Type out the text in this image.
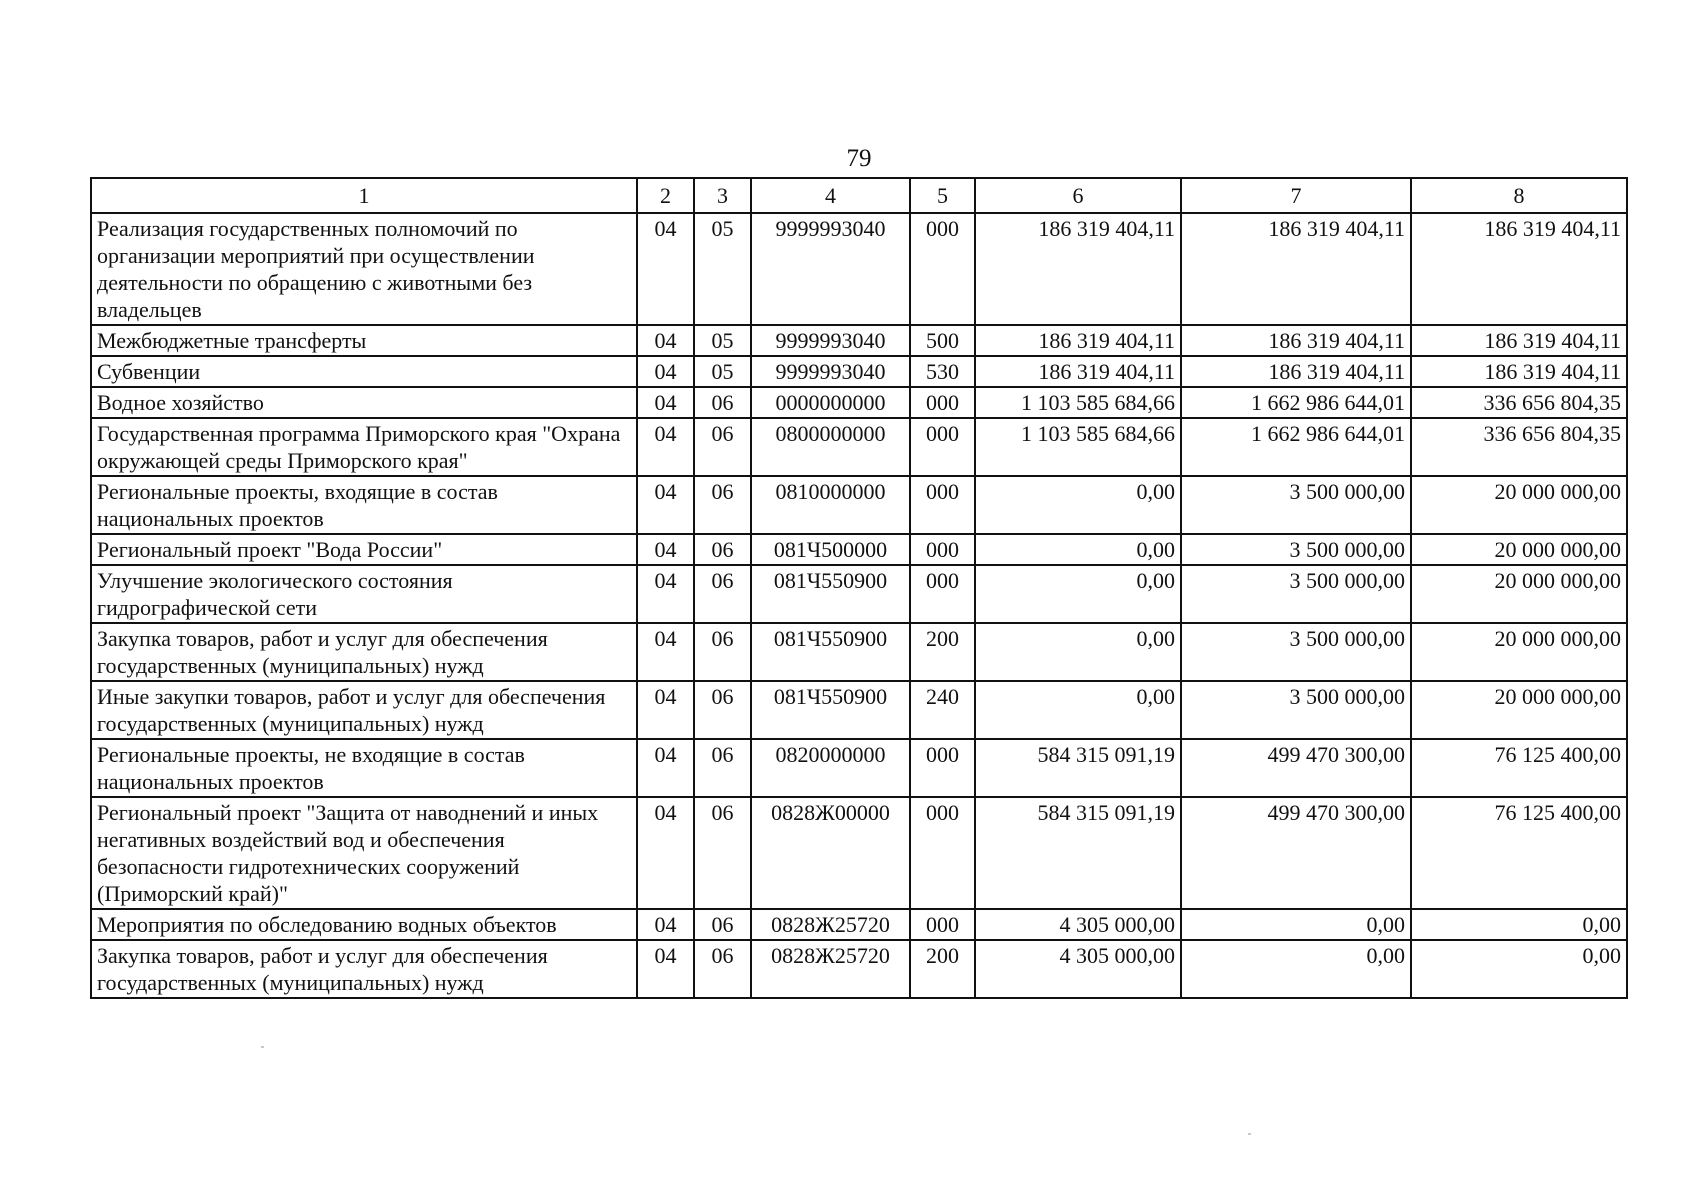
79
1	2	3	4	5	6	7	8
Реализация государственных полномочий по организации мероприятий при осуществлении деятельности по обращению с животными без владельцев	04	05	9999993040	000	186 319 404,11	186 319 404,11	186 319 404,11
Межбюджетные трансферты	04	05	9999993040	500	186 319 404,11	186 319 404,11	186 319 404,11
Субвенции	04	05	9999993040	530	186 319 404,11	186 319 404,11	186 319 404,11
Водное хозяйство	04	06	0000000000	000	1 103 585 684,66	1 662 986 644,01	336 656 804,35
Государственная программа Приморского края "Охрана окружающей среды Приморского края"	04	06	0800000000	000	1 103 585 684,66	1 662 986 644,01	336 656 804,35
Региональные проекты, входящие в состав национальных проектов	04	06	0810000000	000	0,00	3 500 000,00	20 000 000,00
Региональный проект "Вода России"	04	06	081Ч500000	000	0,00	3 500 000,00	20 000 000,00
Улучшение экологического состояния гидрографической сети	04	06	081Ч550900	000	0,00	3 500 000,00	20 000 000,00
Закупка товаров, работ и услуг для обеспечения государственных (муниципальных) нужд	04	06	081Ч550900	200	0,00	3 500 000,00	20 000 000,00
Иные закупки товаров, работ и услуг для обеспечения государственных (муниципальных) нужд	04	06	081Ч550900	240	0,00	3 500 000,00	20 000 000,00
Региональные проекты, не входящие в состав национальных проектов	04	06	0820000000	000	584 315 091,19	499 470 300,00	76 125 400,00
Региональный проект "Защита от наводнений и иных негативных воздействий вод и обеспечения безопасности гидротехнических сооружений (Приморский край)"	04	06	0828Ж00000	000	584 315 091,19	499 470 300,00	76 125 400,00
Мероприятия по обследованию водных объектов	04	06	0828Ж25720	000	4 305 000,00	0,00	0,00
Закупка товаров, работ и услуг для обеспечения государственных (муниципальных) нужд	04	06	0828Ж25720	200	4 305 000,00	0,00	0,00
